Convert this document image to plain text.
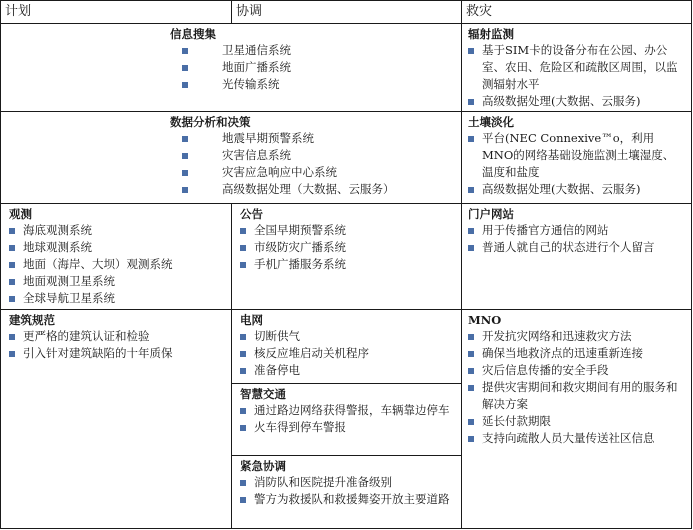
计划	协调	救灾
信息搜集
卫星通信系统
地面广播系统
光传输系统
数据分析和决策
地震早期预警系统
灾害信息系统
灾害应急响应中心系统
高级数据处理（大数据、云服务）
辐射监测
基于SIM卡的设备分布在公园、办公室、农田、危险区和疏散区周围，以监测辐射水平
高级数据处理(大数据、云服务)
土壤淡化
平台(NEC Connexive™o，利用MNO的网络基础设施监测土壤湿度、温度和盐度
高级数据处理(大数据、云服务)
观测
海底观测系统
地球观测系统
地面（海岸、大坝）观测系统
地面观测卫星系统
全球导航卫星系统
公告
全国早期预警系统
市级防灾广播系统
手机广播服务系统
门户网站
用于传播官方通信的网站
普通人就自己的状态进行个人留言
建筑规范
更严格的建筑认证和检验
引入针对建筑缺陷的十年质保
电网
切断供气
核反应堆启动关机程序
准备停电
智慧交通
通过路边网络获得警报，车辆靠边停车
火车得到停车警报
紧急协调
消防队和医院提升准备级别
警方为救援队和救援舞姿开放主要道路
MNO
开发抗灾网络和迅速救灾方法
确保当地救济点的迅速重新连接
灾后信息传播的安全手段
提供灾害期间和救灾期间有用的服务和解决方案
延长付款期限
支持向疏散人员大量传送社区信息
